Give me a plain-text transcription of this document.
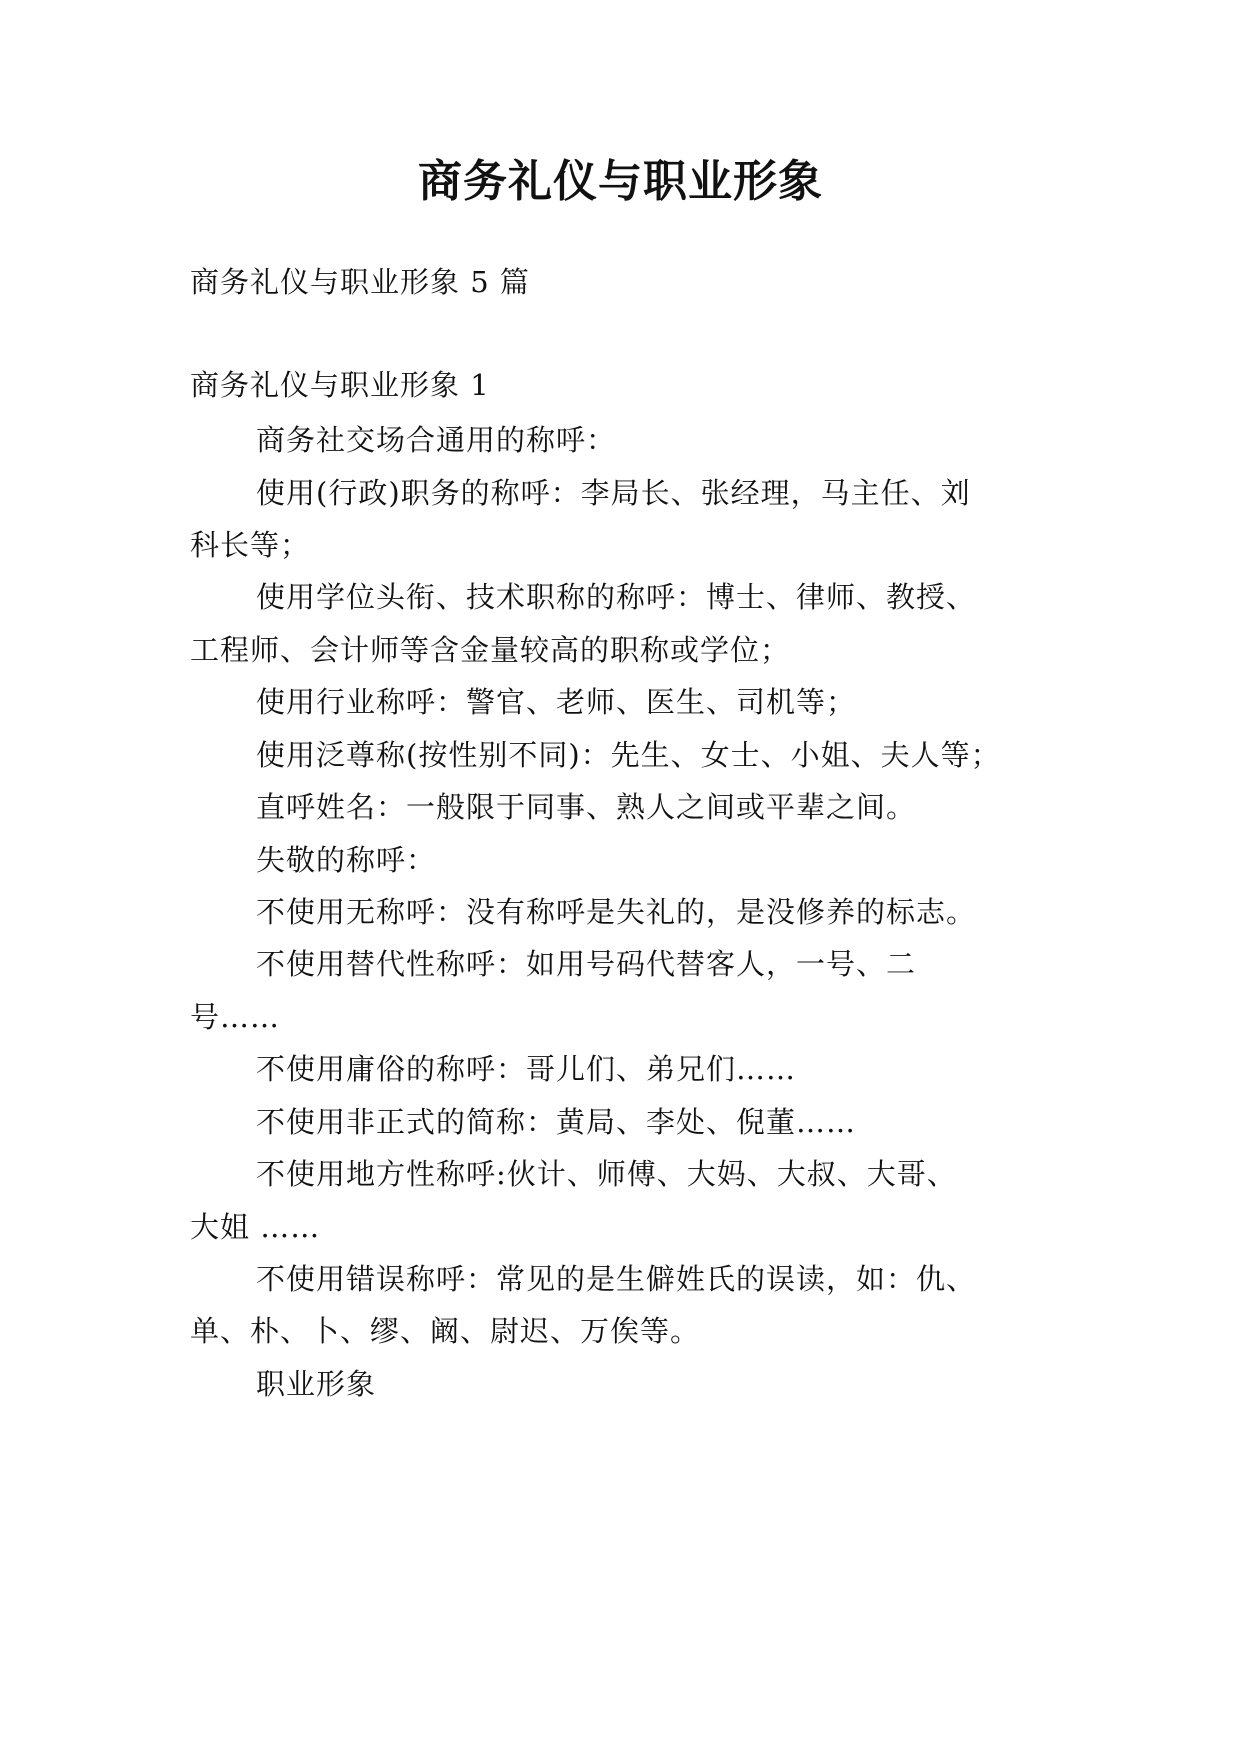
商务礼仪与职业形象
商务礼仪与职业形象 5 篇
商务礼仪与职业形象 1
商务社交场合通用的称呼：
使用(行政)职务的称呼：李局长、张经理，马主任、刘
科长等；
使用学位头衔、技术职称的称呼：博士、律师、教授、
工程师、会计师等含金量较高的职称或学位；
使用行业称呼：警官、老师、医生、司机等；
使用泛尊称(按性别不同)：先生、女士、小姐、夫人等；
直呼姓名：一般限于同事、熟人之间或平辈之间。
失敬的称呼：
不使用无称呼：没有称呼是失礼的，是没修养的标志。
不使用替代性称呼：如用号码代替客人，一号、二
号……
不使用庸俗的称呼：哥儿们、弟兄们……
不使用非正式的简称：黄局、李处、倪董……
不使用地方性称呼:伙计、师傅、大妈、大叔、大哥、
大姐 ……
不使用错误称呼：常见的是生僻姓氏的误读，如：仇、
单、朴、卜、缪、阚、尉迟、万俟等。
职业形象
